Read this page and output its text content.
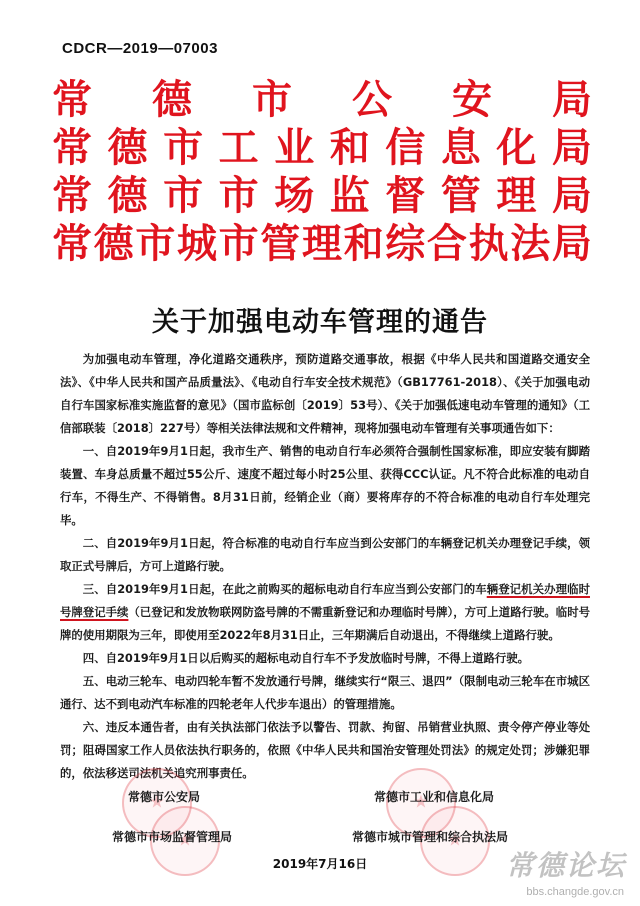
CDCR—2019—07003
常 德 市 公 安 局
常 德 市 工 业 和 信 息 化 局
常 德 市 市 场 监 督 管 理 局
常 德 市 城 市 管 理 和 综 合 执 法 局
关于加强电动车管理的通告

为加强电动车管理，净化道路交通秩序，预防道路交通事故，根据《中华人民共和国道路交通安全法》、《中华人民共和国产品质量法》、《电动自行车安全技术规范》（GB17761-2018）、《关于加强电动自行车国家标准实施监督的意见》（国市监标创〔2019〕53号）、《关于加强低速电动车管理的通知》（工信部联装〔2018〕227号）等相关法律法规和文件精神，现将加强电动车管理有关事项通告如下：

一、自2019年9月1日起，我市生产、销售的电动自行车必须符合强制性国家标准，即应安装有脚踏装置、车身总质量不超过55公斤、速度不超过每小时25公里、获得CCC认证。凡不符合此标准的电动自行车，不得生产、不得销售。8月31日前，经销企业（商）要将库存的不符合标准的电动自行车处理完毕。

二、自2019年9月1日起，符合标准的电动自行车应当到公安部门的车辆登记机关办理登记手续，领取正式号牌后，方可上道路行驶。

三、自2019年9月1日起，在此之前购买的超标电动自行车应当到公安部门的车辆登记机关办理临时号牌登记手续（已登记和发放物联网防盗号牌的不需重新登记和办理临时号牌），方可上道路行驶。临时号牌的使用期限为三年，即使用至2022年8月31日止，三年期满后自动退出，不得继续上道路行驶。

四、自2019年9月1日以后购买的超标电动自行车不予发放临时号牌，不得上道路行驶。

五、电动三轮车、电动四轮车暂不发放通行号牌，继续实行“限三、退四”（限制电动三轮车在市城区通行、达不到电动汽车标准的四轮老年人代步车退出）的管理措施。

六、违反本通告者，由有关执法部门依法予以警告、罚款、拘留、吊销营业执照、责令停产停业等处罚；阻碍国家工作人员依法执行职务的，依照《中华人民共和国治安管理处罚法》的规定处罚；涉嫌犯罪的，依法移送司法机关追究刑事责任。

★
★
★
★
常德市公安局	常德市工业和信息化局
常德市市场监督管理局	常德市城市管理和综合执法局
2019年7月16日	常德论坛
bbs.changde.gov.cn
